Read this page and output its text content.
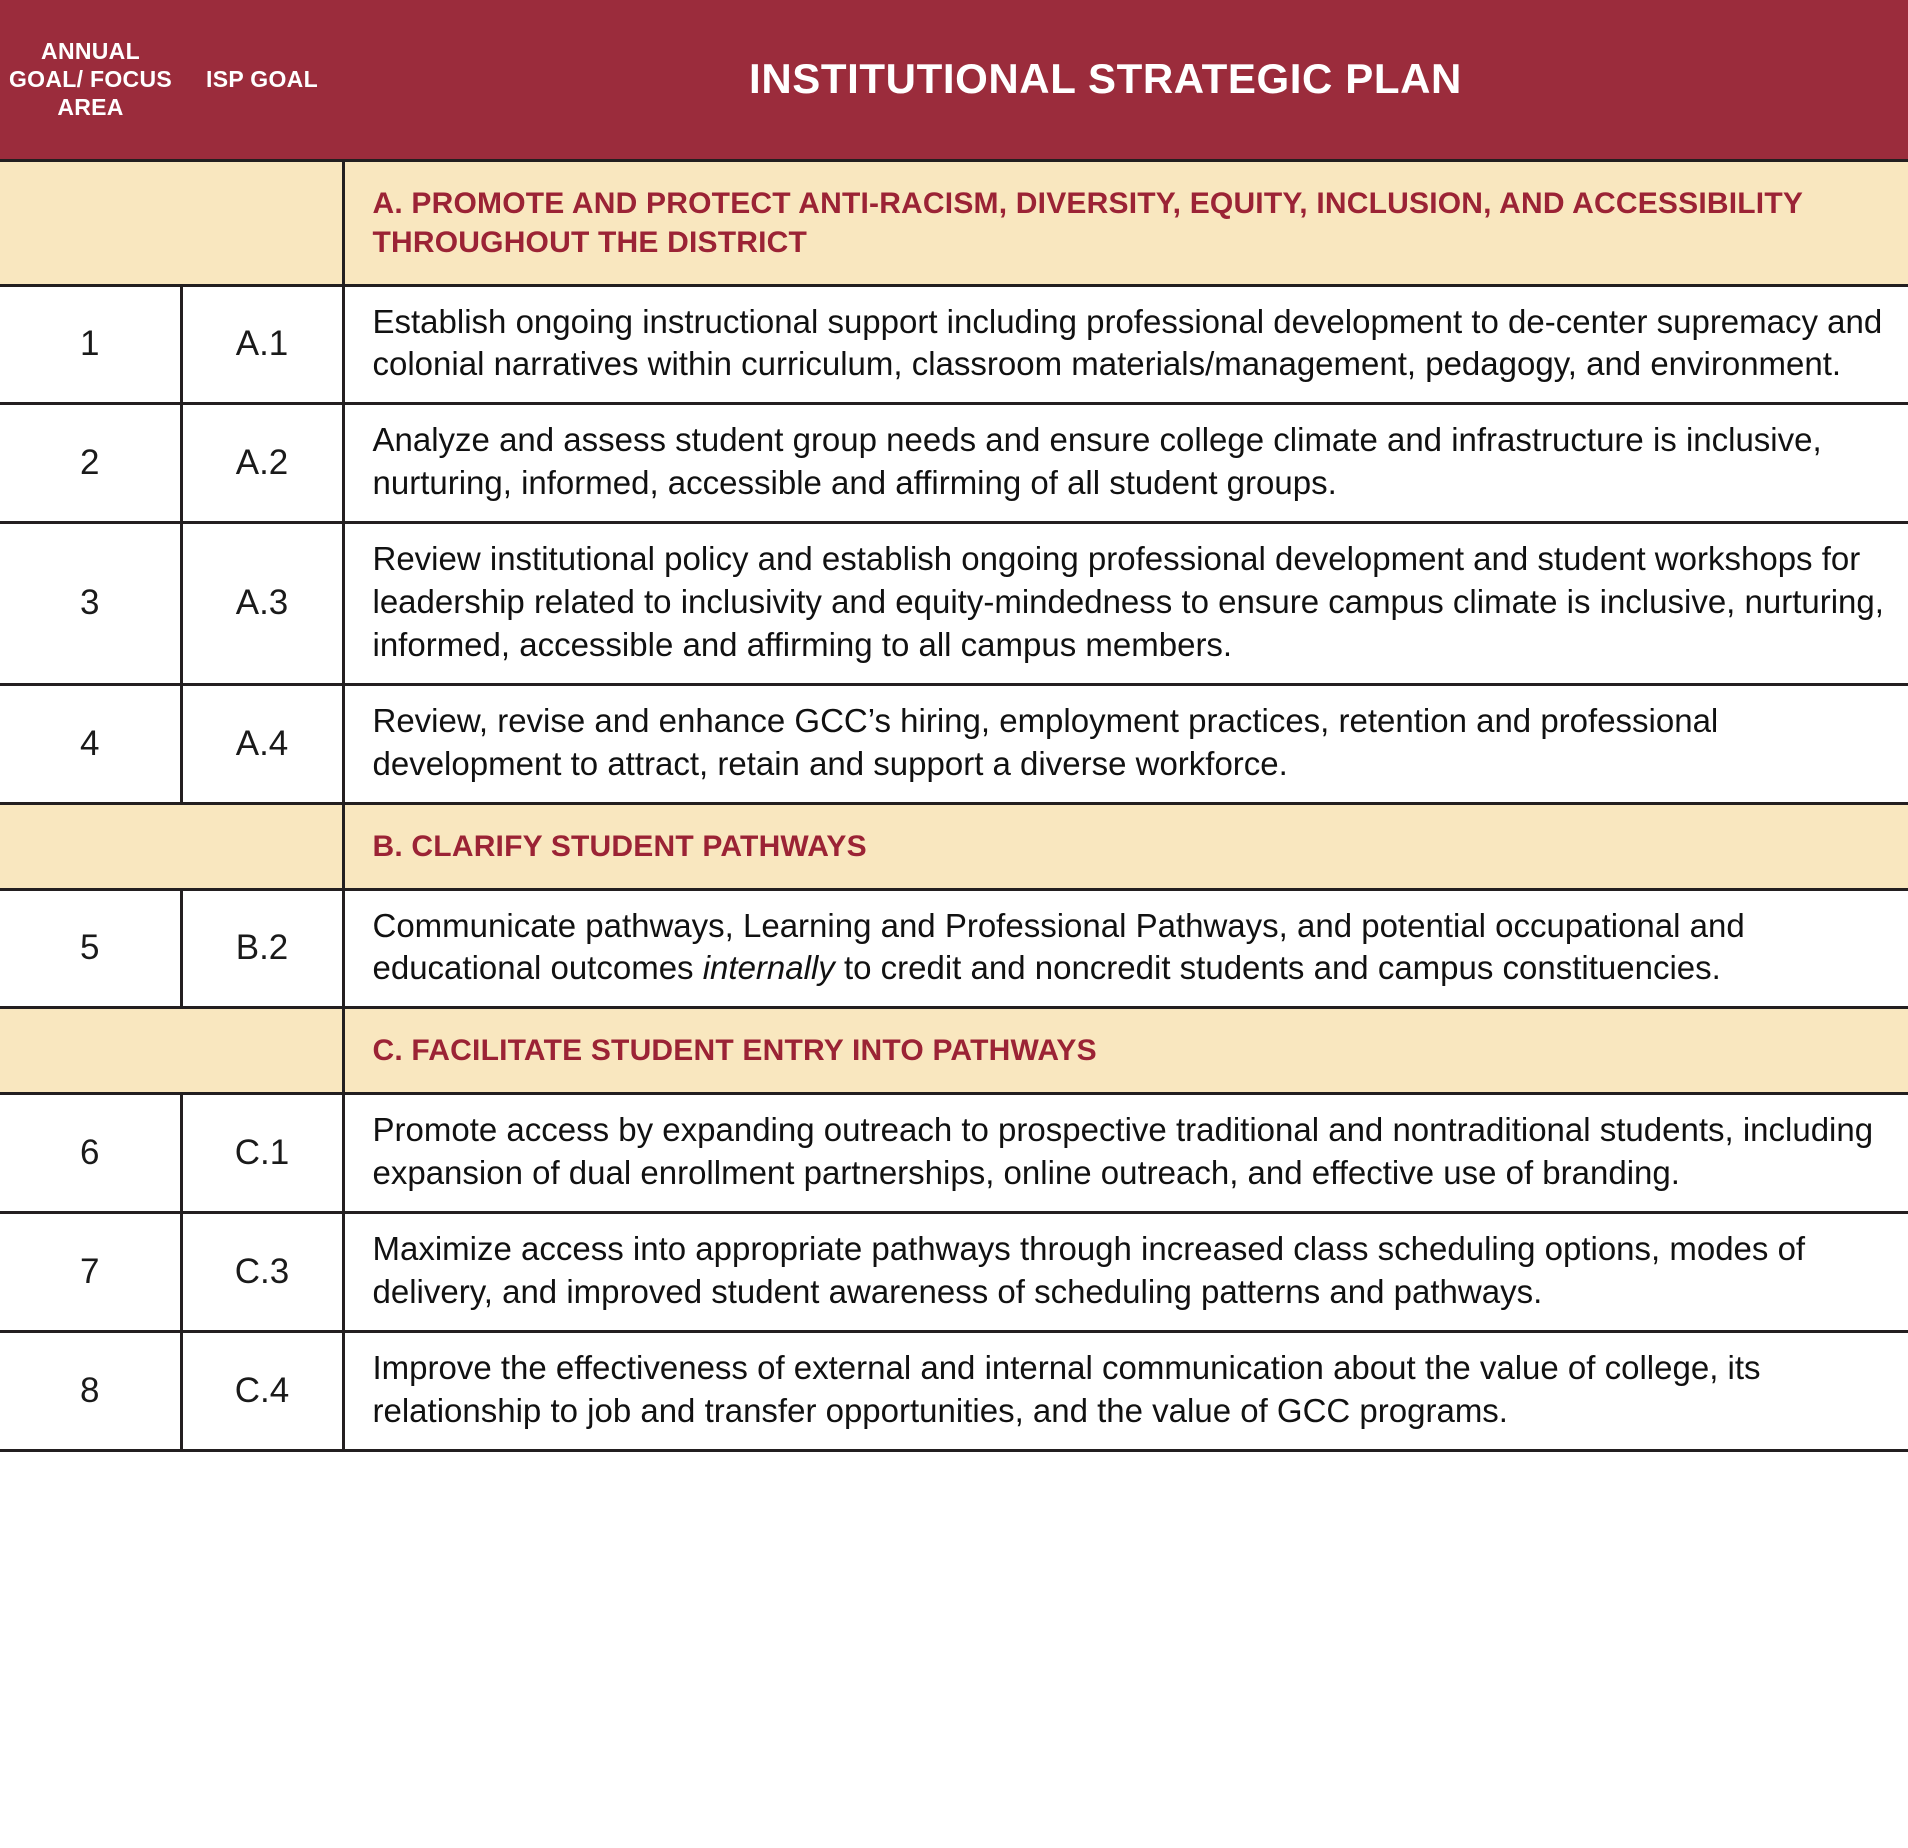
ANNUAL GOAL/ FOCUS AREA	ISP GOAL	INSTITUTIONAL STRATEGIC PLAN
		A. PROMOTE AND PROTECT ANTI-RACISM, DIVERSITY, EQUITY, INCLUSION, AND ACCESSIBILITY THROUGHOUT THE DISTRICT
1	A.1	Establish ongoing instructional support including professional development to de-center supremacy and colonial narratives within curriculum, classroom materials/management, pedagogy, and environment.
2	A.2	Analyze and assess student group needs and ensure college climate and infrastructure is inclusive, nurturing, informed, accessible and affirming of all student groups.
3	A.3	Review institutional policy and establish ongoing professional development and student workshops for leadership related to inclusivity and equity-mindedness to ensure campus climate is inclusive, nurturing, informed, accessible and affirming to all campus members.
4	A.4	Review, revise and enhance GCC’s hiring, employment practices, retention and professional development to attract, retain and support a diverse workforce.
		B. CLARIFY STUDENT PATHWAYS
5	B.2	Communicate pathways, Learning and Professional Pathways, and potential occupational and educational outcomes internally to credit and noncredit students and campus constituencies.
		C. FACILITATE STUDENT ENTRY INTO PATHWAYS
6	C.1	Promote access by expanding outreach to prospective traditional and nontraditional students, including expansion of dual enrollment partnerships, online outreach, and effective use of branding.
7	C.3	Maximize access into appropriate pathways through increased class scheduling options, modes of delivery, and improved student awareness of scheduling patterns and pathways.
8	C.4	Improve the effectiveness of external and internal communication about the value of college, its relationship to job and transfer opportunities, and the value of GCC programs.
